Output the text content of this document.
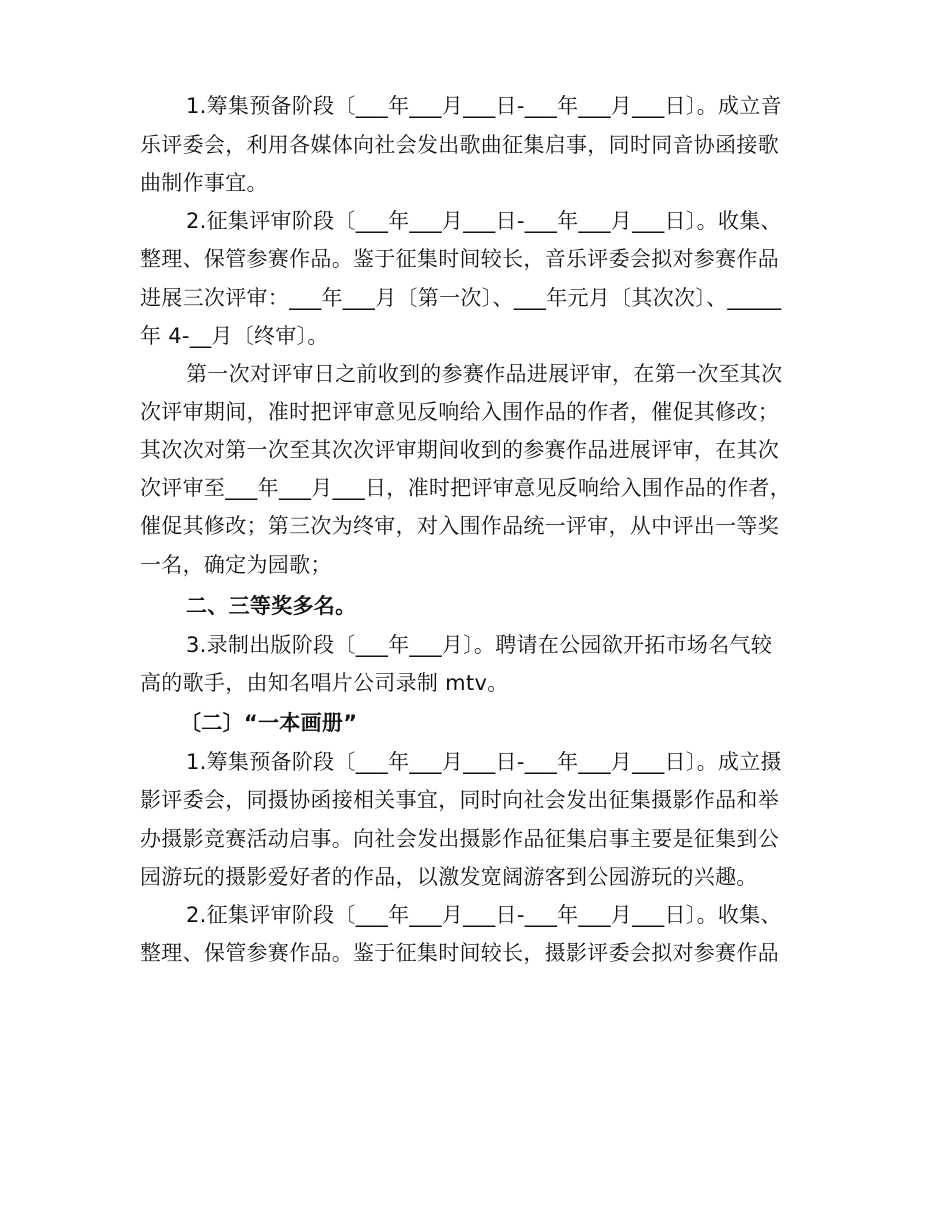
1.筹集预备阶段〔___年___月___日-___年___月___日〕。成立音
乐评委会，利用各媒体向社会发出歌曲征集启事，同时同音协函接歌
曲制作事宜。
2.征集评审阶段〔___年___月___日-___年___月___日〕。收集、
整理、保管参赛作品。鉴于征集时间较长，音乐评委会拟对参赛作品
进展三次评审：___年___月〔第一次〕、___年元月〔其次次〕、_____
年 4-__月〔终审〕。
第一次对评审日之前收到的参赛作品进展评审，在第一次至其次
次评审期间，准时把评审意见反响给入围作品的作者，催促其修改；
其次次对第一次至其次次评审期间收到的参赛作品进展评审，在其次
次评审至___年___月___日，准时把评审意见反响给入围作品的作者，
催促其修改；第三次为终审，对入围作品统一评审，从中评出一等奖
一名，确定为园歌；
二、三等奖多名。
3.录制出版阶段〔___年___月〕。聘请在公园欲开拓市场名气较
高的歌手，由知名唱片公司录制 mtv。
〔二〕“一本画册”
1.筹集预备阶段〔___年___月___日-___年___月___日〕。成立摄
影评委会，同摄协函接相关事宜，同时向社会发出征集摄影作品和举
办摄影竞赛活动启事。向社会发出摄影作品征集启事主要是征集到公
园游玩的摄影爱好者的作品，以激发宽阔游客到公园游玩的兴趣。
2.征集评审阶段〔___年___月___日-___年___月___日〕。收集、
整理、保管参赛作品。鉴于征集时间较长，摄影评委会拟对参赛作品
